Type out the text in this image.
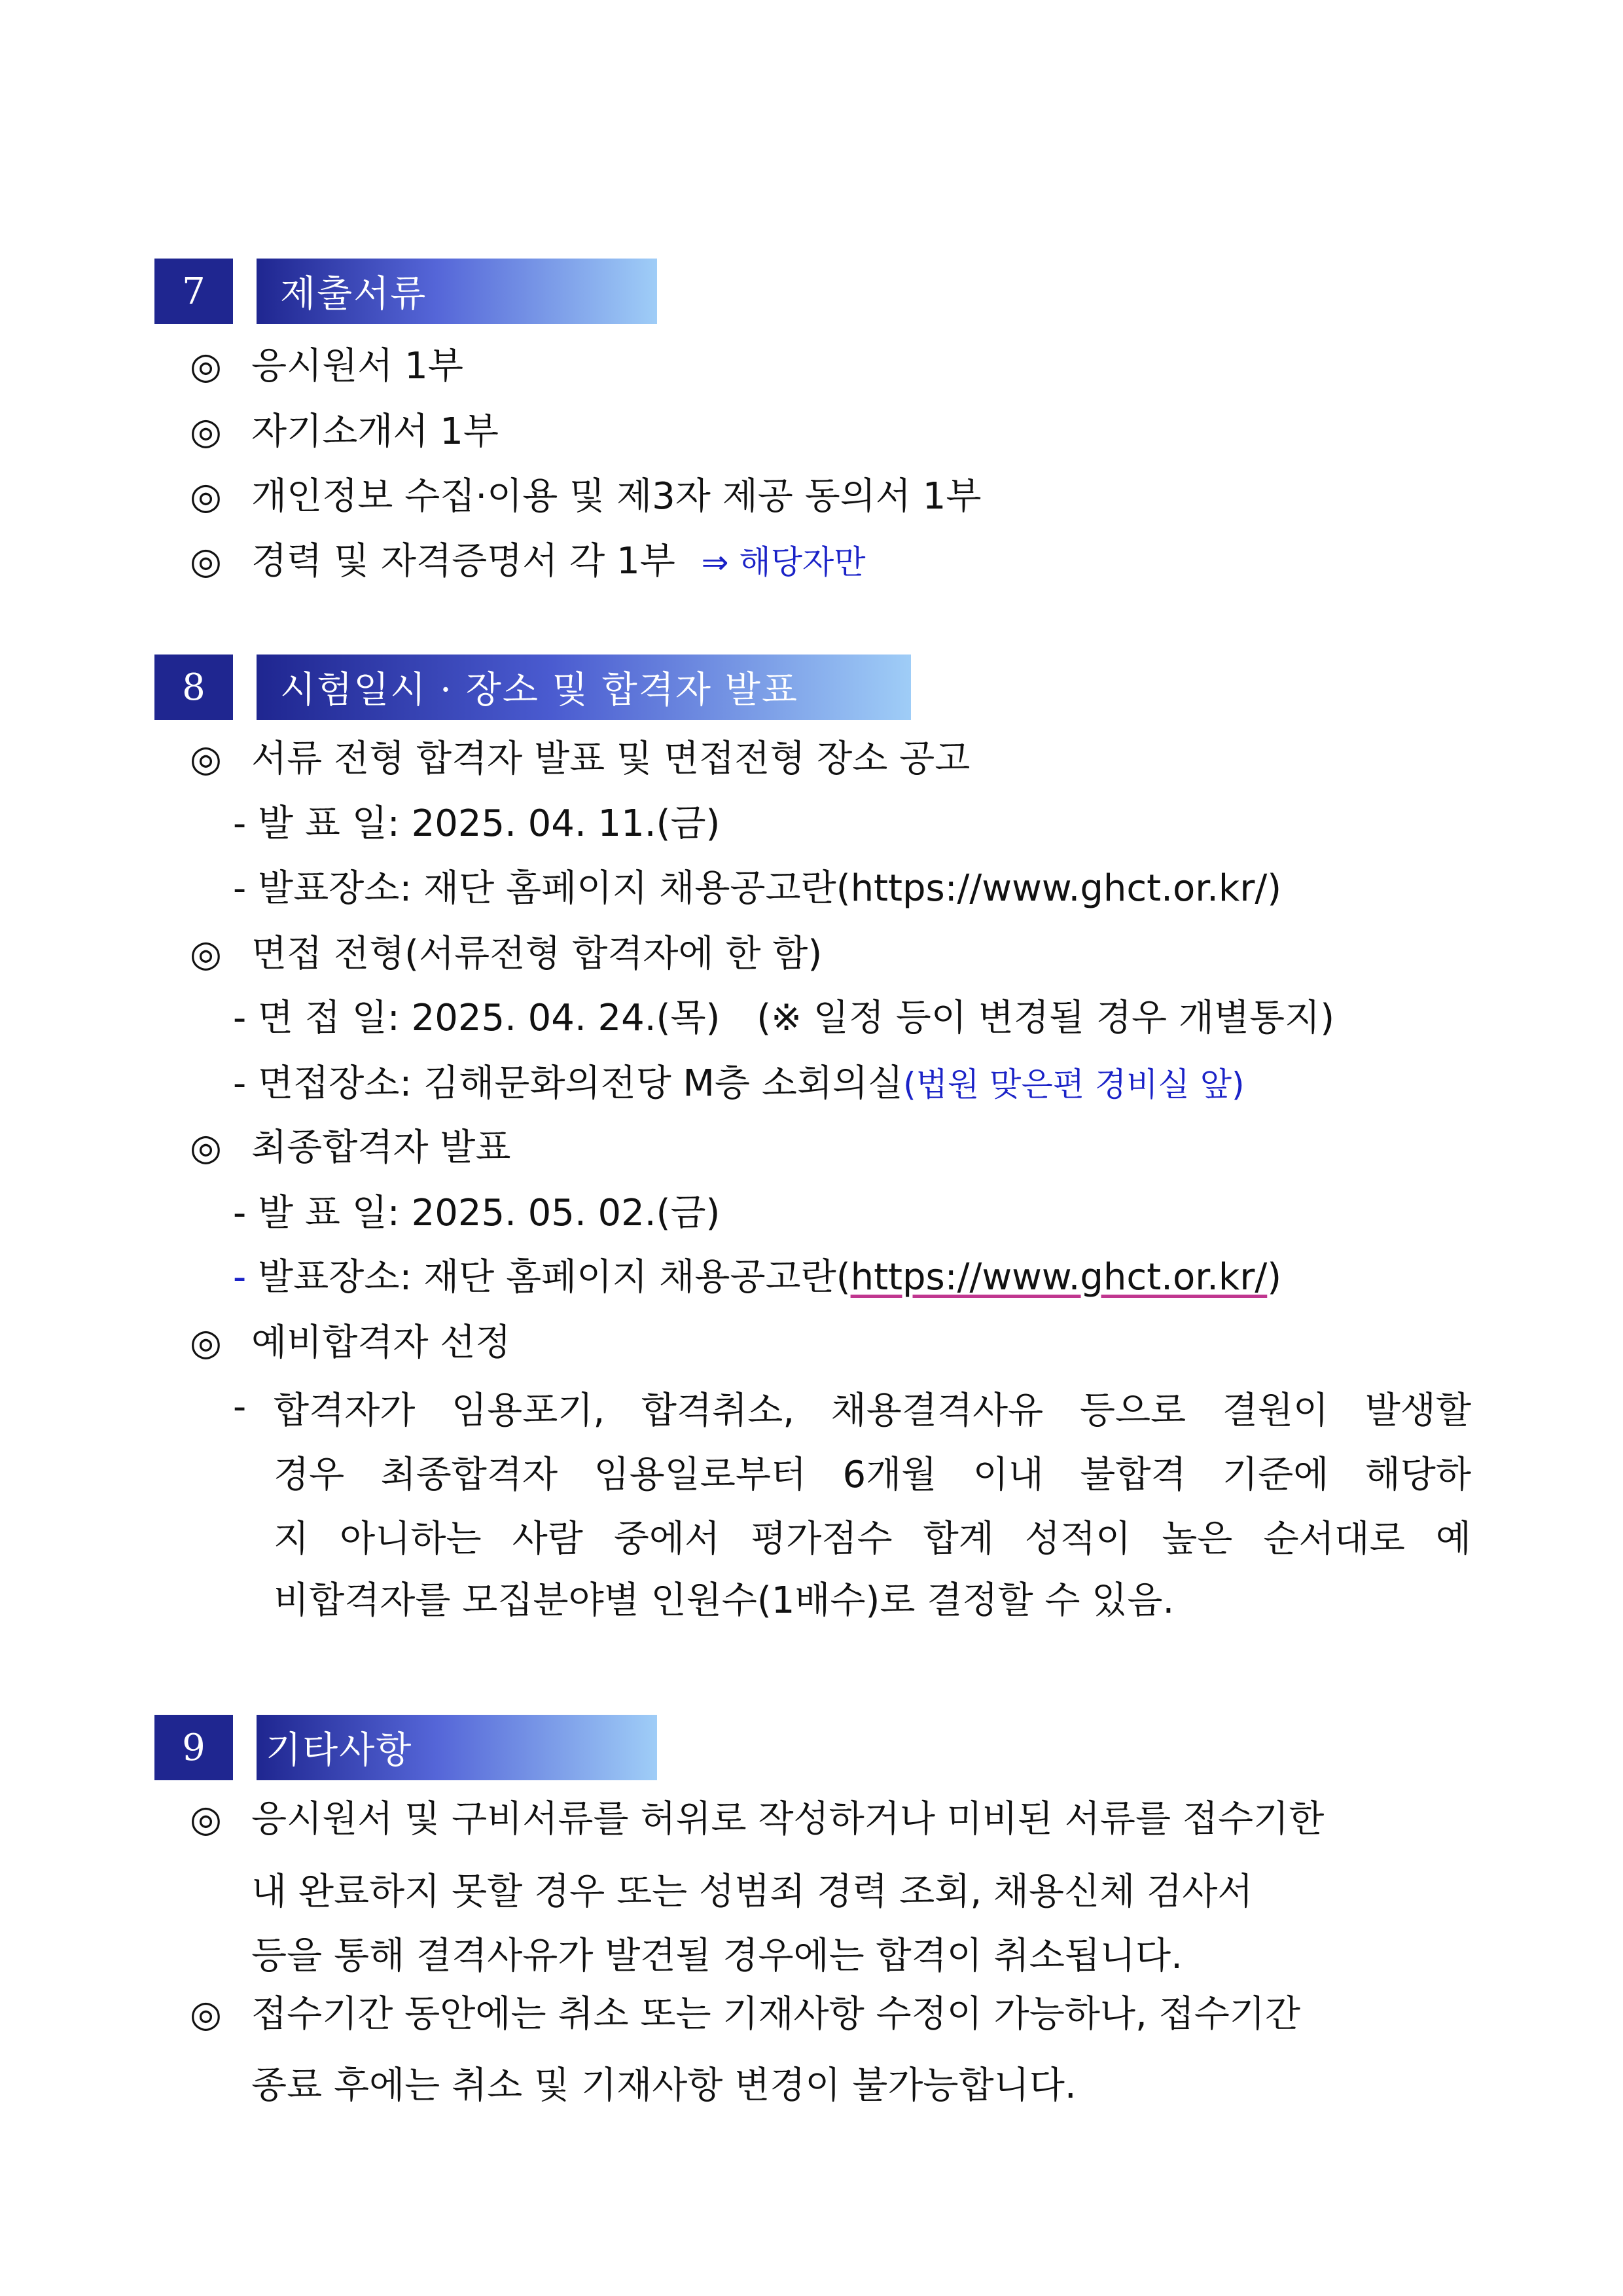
7	제출서류
◎ 응시원서 1부
◎ 자기소개서 1부
◎ 개인정보 수집·이용 및 제3자 제공 동의서 1부
◎ 경력 및 자격증명서 각 1부 ⇒ 해당자만
8	시험일시 · 장소 및 합격자 발표
◎ 서류 전형 합격자 발표 및 면접전형 장소 공고
- 발 표 일: 2025. 04. 11.(금)
- 발표장소: 재단 홈페이지 채용공고란(https://www.ghct.or.kr/)
◎ 면접 전형(서류전형 합격자에 한 함)
- 면 접 일: 2025. 04. 24.(목) (※ 일정 등이 변경될 경우 개별통지)
- 면접장소: 김해문화의전당 M층 소회의실(법원 맞은편 경비실 앞)
◎ 최종합격자 발표
- 발 표 일: 2025. 05. 02.(금)
- 발표장소: 재단 홈페이지 채용공고란(https://www.ghct.or.kr/)
◎ 예비합격자 선정
- 합격자가 임용포기, 합격취소, 채용결격사유 등으로 결원이 발생할
경우 최종합격자 임용일로부터 6개월 이내 불합격 기준에 해당하
지 아니하는 사람 중에서 평가점수 합계 성적이 높은 순서대로 예
비합격자를 모집분야별 인원수(1배수)로 결정할 수 있음.
9	기타사항
◎ 응시원서 및 구비서류를 허위로 작성하거나 미비된 서류를 접수기한
내 완료하지 못할 경우 또는 성범죄 경력 조회, 채용신체 검사서
등을 통해 결격사유가 발견될 경우에는 합격이 취소됩니다.
◎ 접수기간 동안에는 취소 또는 기재사항 수정이 가능하나, 접수기간
종료 후에는 취소 및 기재사항 변경이 불가능합니다.
